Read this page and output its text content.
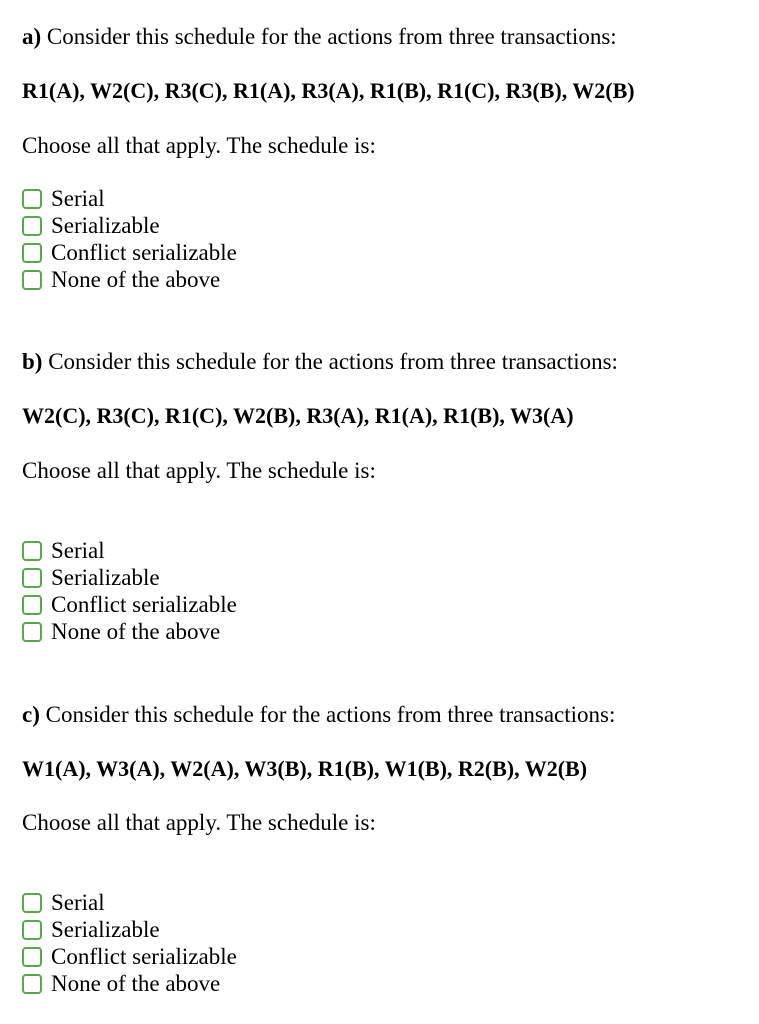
a) Consider this schedule for the actions from three transactions:

R1(A), W2(C), R3(C), R1(A), R3(A), R1(B), R1(C), R3(B), W2(B)

Choose all that apply. The schedule is:

Serial
Serializable
Conflict serializable
None of the above

b) Consider this schedule for the actions from three transactions:

W2(C), R3(C), R1(C), W2(B), R3(A), R1(A), R1(B), W3(A)

Choose all that apply. The schedule is:

Serial
Serializable
Conflict serializable
None of the above

c) Consider this schedule for the actions from three transactions:

W1(A), W3(A), W2(A), W3(B), R1(B), W1(B), R2(B), W2(B)

Choose all that apply. The schedule is:

Serial
Serializable
Conflict serializable
None of the above
